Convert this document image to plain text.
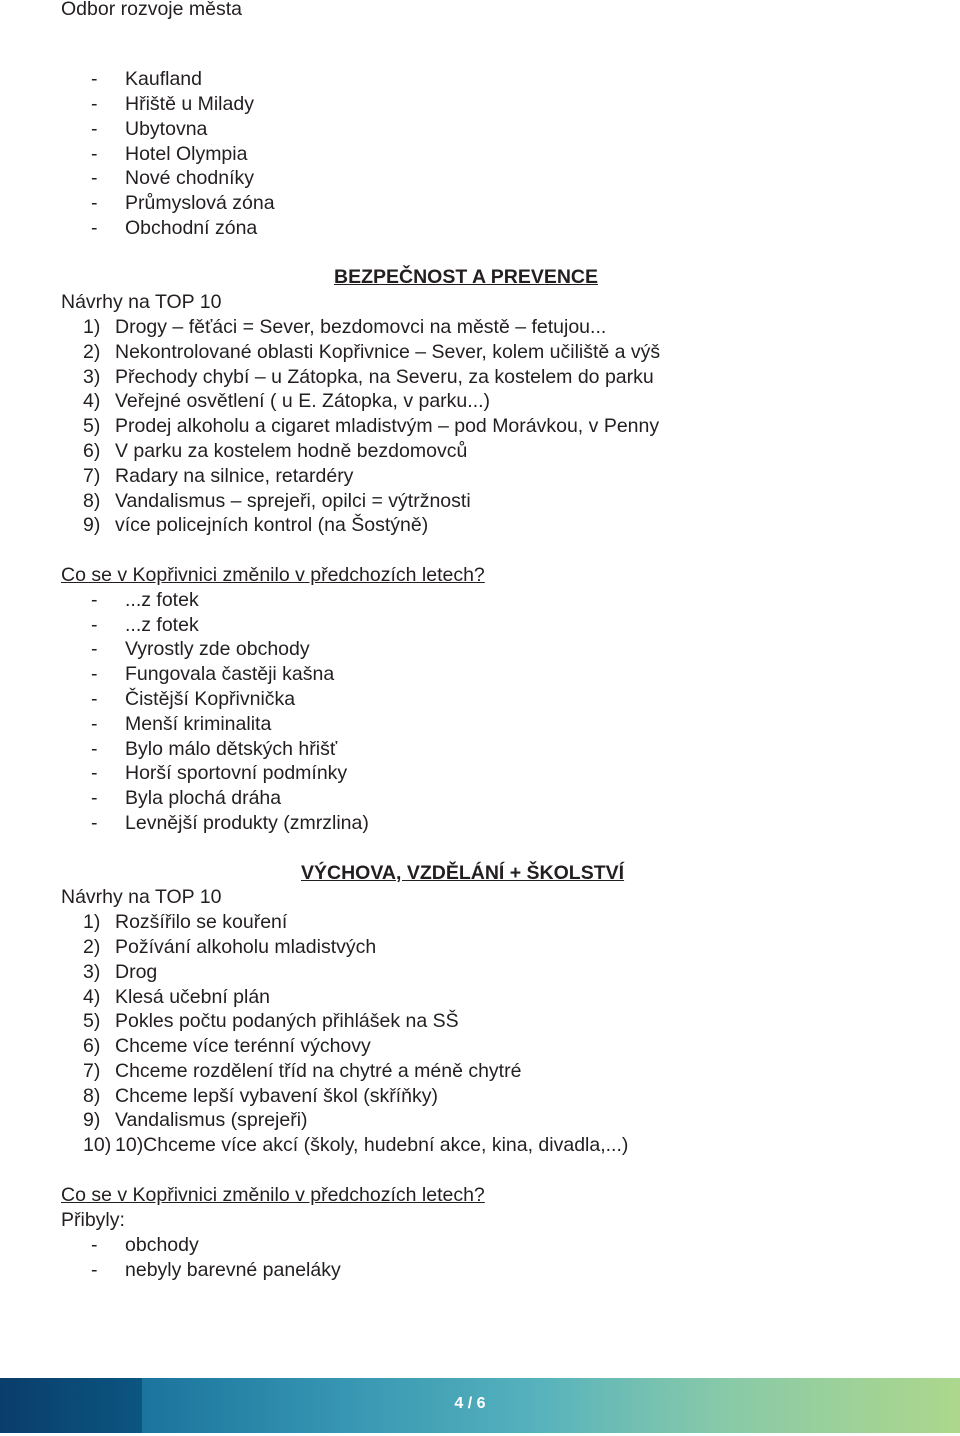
Odbor rozvoje města
- Kaufland
- Hřiště u Milady
- Ubytovna
- Hotel Olympia
- Nové chodníky
- Průmyslová zóna
- Obchodní zóna
BEZPEČNOST A PREVENCE
Návrhy na TOP 10
1) Drogy – fěťáci = Sever, bezdomovci na městě – fetujou...
2) Nekontrolované oblasti Kopřivnice – Sever, kolem učiliště a výš
3) Přechody chybí – u Zátopka, na Severu, za kostelem do parku
4) Veřejné osvětlení ( u E. Zátopka, v parku...)
5) Prodej alkoholu a cigaret mladistvým – pod Morávkou, v Penny
6) V parku za kostelem hodně bezdomovců
7) Radary na silnice, retardéry
8) Vandalismus – sprejeři, opilci = výtržnosti
9) více policejních kontrol (na Šostýně)
Co se v Kopřivnici změnilo v předchozích letech?
- ...z fotek
- ...z fotek
- Vyrostly zde obchody
- Fungovala častěji kašna
- Čistější Kopřivnička
- Menší kriminalita
- Bylo málo dětských hřišť
- Horší sportovní podmínky
- Byla plochá dráha
- Levnější produkty (zmrzlina)
VÝCHOVA, VZDĚLÁNÍ + ŠKOLSTVÍ
Návrhy na TOP 10
1) Rozšířilo se kouření
2) Požívání alkoholu mladistvých
3) Drog
4) Klesá učební plán
5) Pokles počtu podaných přihlášek na SŠ
6) Chceme více terénní výchovy
7) Chceme rozdělení tříd na chytré a méně chytré
8) Chceme lepší vybavení škol (skříňky)
9) Vandalismus (sprejeři)
10) 10)Chceme více akcí (školy, hudební akce, kina, divadla,...)
Co se v Kopřivnici změnilo v předchozích letech?
Přibyly:
- obchody
- nebyly barevné paneláky
4 / 6
